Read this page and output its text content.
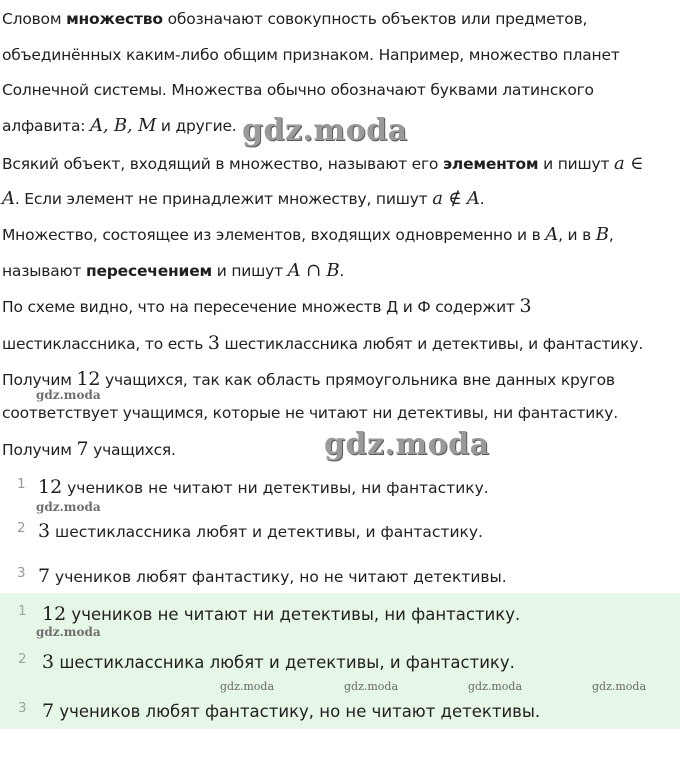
Словом множество обозначают совокупность объектов или предметов,
объединённых каким-либо общим признаком. Например, множество планет
Солнечной системы. Множества обычно обозначают буквами латинского
алфавита: A, B, M и другие. gdz.moda
Всякий объект, входящий в множество, называют его элементом и пишут a ∈
A. Если элемент не принадлежит множеству, пишут a ∉ A.
Множество, состоящее из элементов, входящих одновременно и в A, и в B,
называют пересечением и пишут A ∩ B.
По схеме видно, что на пересечение множеств Д и Ф содержит 3
шестиклассника, то есть 3 шестиклассника любят и детективы, и фантастику.
Получим 12 учащихся, так как область прямоугольника вне данных кругов
gdz.moda
соответствует учащимся, которые не читают ни детективы, ни фантастику.
Получим 7 учащихся.	gdz.moda
1 12 учеников не читают ни детективы, ни фантастику.
gdz.moda
2 3 шестиклассника любят и детективы, и фантастику.
3 7 учеников любят фантастику, но не читают детективы.
1 12 учеников не читают ни детективы, ни фантастику.
gdz.moda
2 3 шестиклассника любят и детективы, и фантастику.
gdz.moda	gdz.moda	gdz.moda	gdz.moda
3 7 учеников любят фантастику, но не читают детективы.
